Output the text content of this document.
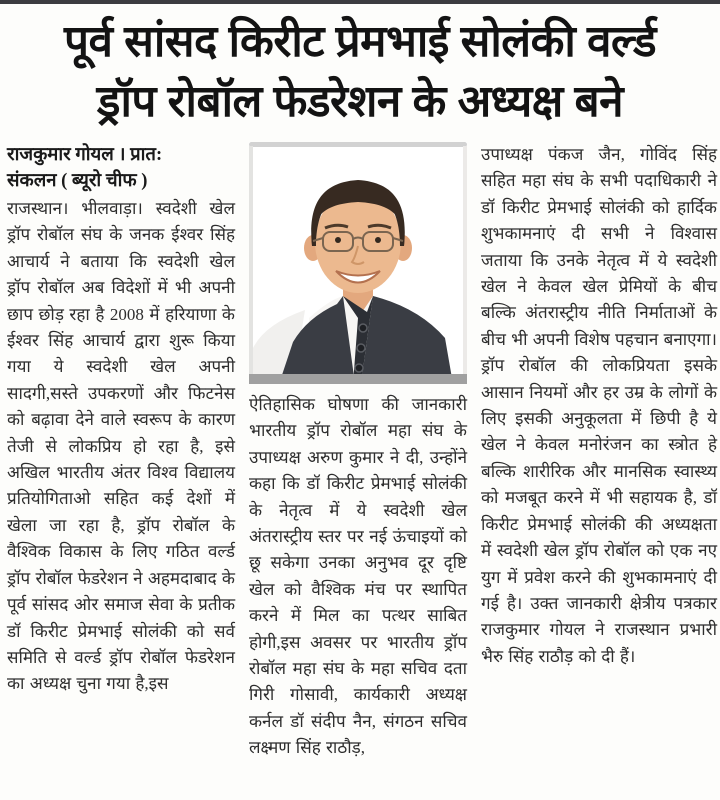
पूर्व सांसद किरीट प्रेमभाई सोलंकी वर्ल्ड
ड्रॉप रोबॉल फेडरेशन के अध्यक्ष बने
राजकुमार गोयल । प्रात:
संकलन ( ब्यूरो चीफ )

राजस्थान। भीलवाड़ा। स्वदेशी खेल ड्रॉप रोबॉल संघ के जनक ईश्वर सिंह आचार्य ने बताया कि स्वदेशी खेल ड्रॉप रोबॉल अब विदेशों में भी अपनी छाप छोड़ रहा है 2008 में हरियाणा के ईश्वर सिंह आचार्य द्वारा शुरू किया गया ये स्वदेशी खेल अपनी सादगी,सस्ते उपकरणों और फिटनेस को बढ़ावा देने वाले स्वरूप के कारण तेजी से लोकप्रिय हो रहा है, इसे अखिल भारतीय अंतर विश्व विद्यालय प्रतियोगिताओ सहित कई देशों में खेला जा रहा है, ड्रॉप रोबॉल के वैश्विक विकास के लिए गठित वर्ल्ड ड्रॉप रोबॉल फेडरेशन ने अहमदाबाद के पूर्व सांसद ओर समाज सेवा के प्रतीक डॉ किरीट प्रेमभाई सोलंकी को सर्व समिति से वर्ल्ड ड्रॉप रोबॉल फेडरेशन का अध्यक्ष चुना गया है,इस

ऐतिहासिक घोषणा की जानकारी भारतीय ड्रॉप रोबॉल महा संघ के उपाध्यक्ष अरुण कुमार ने दी, उन्होंने कहा कि डॉ किरीट प्रेमभाई सोलंकी के नेतृत्व में ये स्वदेशी खेल अंतरास्ट्रीय स्तर पर नई ऊंचाइयों को छू सकेगा उनका अनुभव दूर दृष्टि खेल को वैश्विक मंच पर स्थापित करने में मिल का पत्थर साबित होगी,इस अवसर पर भारतीय ड्रॉप रोबॉल महा संघ के महा सचिव दता गिरी गोसावी, कार्यकारी अध्यक्ष कर्नल डॉ संदीप नैन, संगठन सचिव लक्ष्मण सिंह राठौड़,

उपाध्यक्ष पंकज जैन, गोविंद सिंह सहित महा संघ के सभी पदाधिकारी ने डॉ किरीट प्रेमभाई सोलंकी को हार्दिक शुभकामनाएं दी सभी ने विश्वास जताया कि उनके नेतृत्व में ये स्वदेशी खेल ने केवल खेल प्रेमियों के बीच बल्कि अंतरास्ट्रीय नीति निर्माताओं के बीच भी अपनी विशेष पहचान बनाएगा। ड्रॉप रोबॉल की लोकप्रियता इसके आसान नियमों और हर उम्र के लोगों के लिए इसकी अनुकूलता में छिपी है ये खेल ने केवल मनोरंजन का स्त्रोत हे बल्कि शारीरिक और मानसिक स्वास्थ्य को मजबूत करने में भी सहायक है, डॉ किरीट प्रेमभाई सोलंकी की अध्यक्षता में स्वदेशी खेल ड्रॉप रोबॉल को एक नए युग में प्रवेश करने की शुभकामनाएं दी गई है। उक्त जानकारी क्षेत्रीय पत्रकार राजकुमार गोयल ने राजस्थान प्रभारी भैरु सिंह राठौड़ को दी हैं।
